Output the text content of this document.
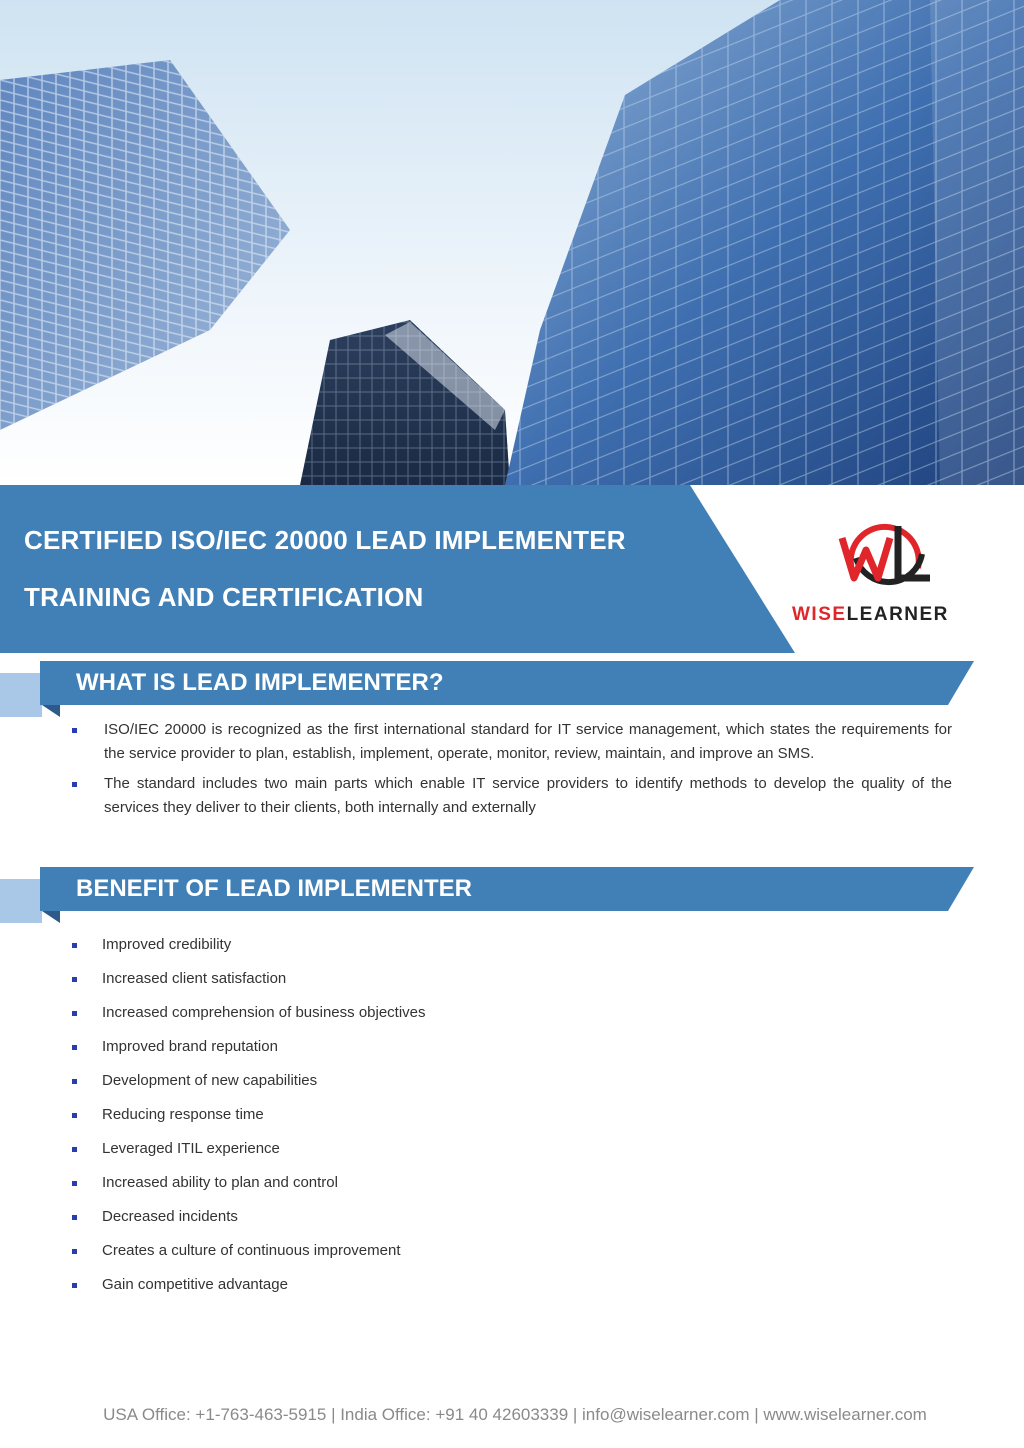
CERTIFIED ISO/IEC 20000 LEAD IMPLEMENTER
TRAINING AND CERTIFICATION
WISELEARNER
WHAT IS LEAD IMPLEMENTER?
ISO/IEC 20000 is recognized as the first international standard for IT service management, which states the requirements for the service provider to plan, establish, implement, operate, monitor, review, maintain, and improve an SMS.
The standard includes two main parts which enable IT service providers to identify methods to develop the quality of the services they deliver to their clients, both internally and externally
BENEFIT OF LEAD IMPLEMENTER
Improved credibility
Increased client satisfaction
Increased comprehension of business objectives
Improved brand reputation
Development of new capabilities
Reducing response time
Leveraged ITIL experience
Increased ability to plan and control
Decreased incidents
Creates a culture of continuous improvement
Gain competitive advantage
USA Office: +1-763-463-5915 | India Office: +91 40 42603339 | info@wiselearner.com | www.wiselearner.com
